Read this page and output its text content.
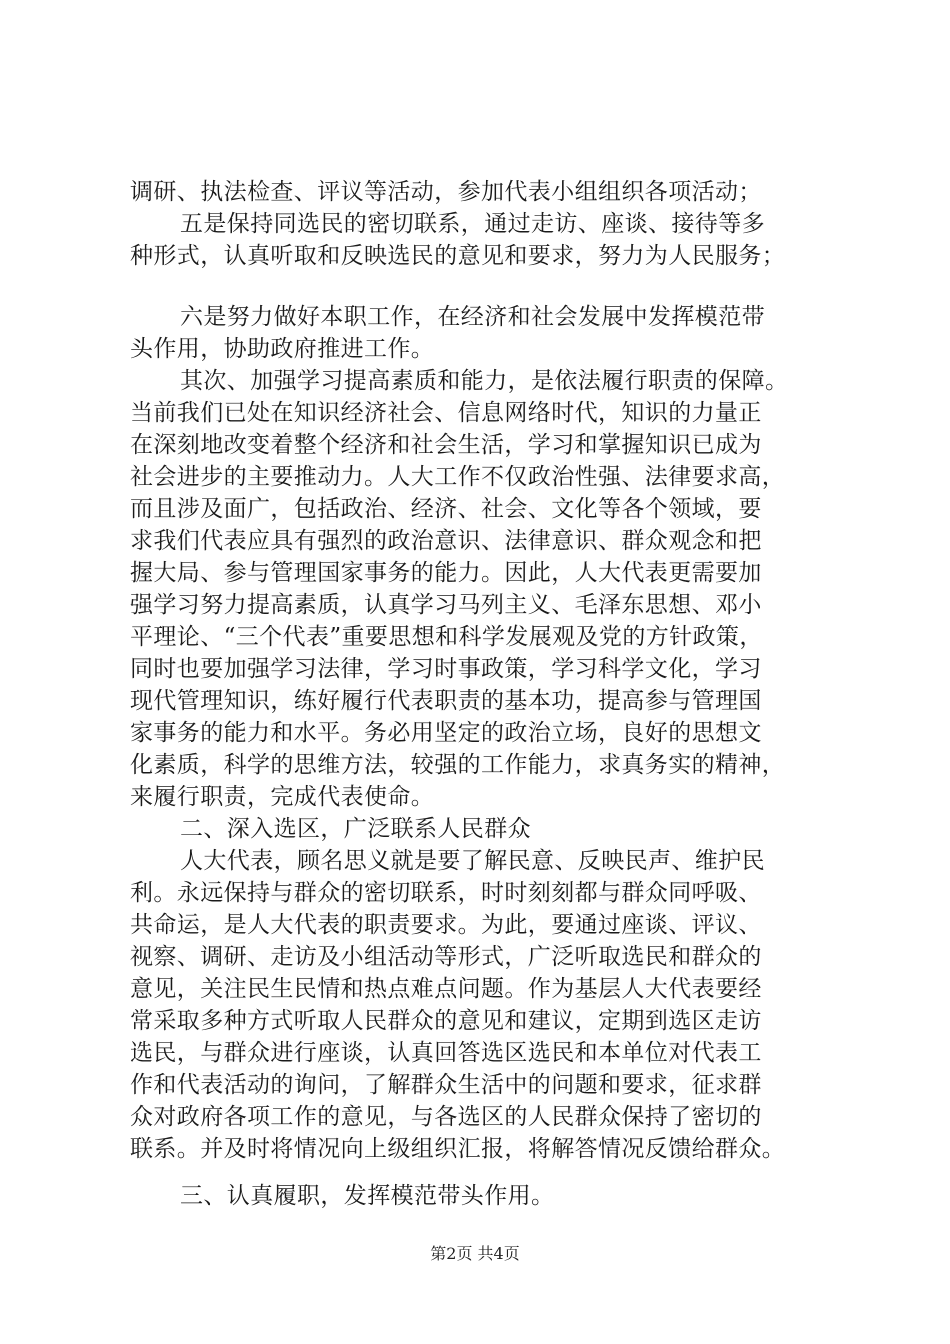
调研、执法检查、评议等活动，参加代表小组组织各项活动；
五是保持同选民的密切联系，通过走访、座谈、接待等多
种形式，认真听取和反映选民的意见和要求，努力为人民服务；
六是努力做好本职工作，在经济和社会发展中发挥模范带
头作用，协助政府推进工作。
其次、加强学习提高素质和能力，是依法履行职责的保障。
当前我们已处在知识经济社会、信息网络时代，知识的力量正
在深刻地改变着整个经济和社会生活，学习和掌握知识已成为
社会进步的主要推动力。人大工作不仅政治性强、法律要求高，
而且涉及面广，包括政治、经济、社会、文化等各个领域，要
求我们代表应具有强烈的政治意识、法律意识、群众观念和把
握大局、参与管理国家事务的能力。因此，人大代表更需要加
强学习努力提高素质，认真学习马列主义、毛泽东思想、邓小
平理论、“三个代表”重要思想和科学发展观及党的方针政策，
同时也要加强学习法律，学习时事政策，学习科学文化，学习
现代管理知识，练好履行代表职责的基本功，提高参与管理国
家事务的能力和水平。务必用坚定的政治立场，良好的思想文
化素质，科学的思维方法，较强的工作能力，求真务实的精神，
来履行职责，完成代表使命。
二、深入选区，广泛联系人民群众
人大代表，顾名思义就是要了解民意、反映民声、维护民
利。永远保持与群众的密切联系，时时刻刻都与群众同呼吸、
共命运，是人大代表的职责要求。为此，要通过座谈、评议、
视察、调研、走访及小组活动等形式，广泛听取选民和群众的
意见，关注民生民情和热点难点问题。作为基层人大代表要经
常采取多种方式听取人民群众的意见和建议，定期到选区走访
选民，与群众进行座谈，认真回答选区选民和本单位对代表工
作和代表活动的询问，了解群众生活中的问题和要求，征求群
众对政府各项工作的意见，与各选区的人民群众保持了密切的
联系。并及时将情况向上级组织汇报，将解答情况反馈给群众。
三、认真履职，发挥模范带头作用。
第2页 共4页
